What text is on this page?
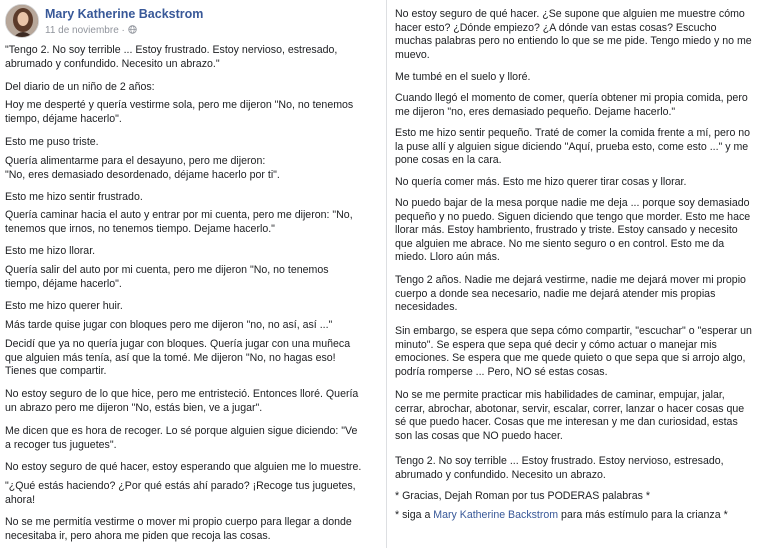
Mary Katherine Backstrom
11 de noviembre ·

"Tengo 2. No soy terrible ... Estoy frustrado. Estoy nervioso, estresado,
abrumado y confundido. Necesito un abrazo."

Del diario de un niño de 2 años:

Hoy me desperté y quería vestirme sola, pero me dijeron "No, no tenemos
tiempo, déjame hacerlo".

Esto me puso triste.

Quería alimentarme para el desayuno, pero me dijeron:
"No, eres demasiado desordenado, déjame hacerlo por ti".

Esto me hizo sentir frustrado.

Quería caminar hacia el auto y entrar por mi cuenta, pero me dijeron: "No,
tenemos que irnos, no tenemos tiempo. Dejame hacerlo."

Esto me hizo llorar.

Quería salir del auto por mi cuenta, pero me dijeron "No, no tenemos
tiempo, déjame hacerlo".

Esto me hizo querer huir.

Más tarde quise jugar con bloques pero me dijeron "no, no así, así ..."

Decidí que ya no quería jugar con bloques. Quería jugar con una muñeca
que alguien más tenía, así que la tomé. Me dijeron "No, no hagas eso!
Tienes que compartir.

No estoy seguro de lo que hice, pero me entristeció. Entonces lloré. Quería
un abrazo pero me dijeron "No, estás bien, ve a jugar".

Me dicen que es hora de recoger. Lo sé porque alguien sigue diciendo: "Ve
a recoger tus juguetes".

No estoy seguro de qué hacer, estoy esperando que alguien me lo muestre.

"¿Qué estás haciendo? ¿Por qué estás ahí parado? ¡Recoge tus juguetes,
ahora!

No se me permitía vestirme o mover mi propio cuerpo para llegar a donde
necesitaba ir, pero ahora me piden que recoja las cosas.

No estoy seguro de qué hacer. ¿Se supone que alguien me muestre cómo
hacer esto? ¿Dónde empiezo? ¿A dónde van estas cosas? Escucho
muchas palabras pero no entiendo lo que se me pide. Tengo miedo y no me
muevo.

Me tumbé en el suelo y lloré.

Cuando llegó el momento de comer, quería obtener mi propia comida, pero
me dijeron "no, eres demasiado pequeño. Dejame hacerlo."

Esto me hizo sentir pequeño. Traté de comer la comida frente a mí, pero no
la puse allí y alguien sigue diciendo "Aquí, prueba esto, come esto ..." y me
pone cosas en la cara.

No quería comer más. Esto me hizo querer tirar cosas y llorar.

No puedo bajar de la mesa porque nadie me deja ... porque soy demasiado
pequeño y no puedo. Siguen diciendo que tengo que morder. Esto me hace
llorar más. Estoy hambriento, frustrado y triste. Estoy cansado y necesito
que alguien me abrace. No me siento seguro o en control. Esto me da
miedo. Lloro aún más.

Tengo 2 años. Nadie me dejará vestirme, nadie me dejará mover mi propio
cuerpo a donde sea necesario, nadie me dejará atender mis propias
necesidades.

Sin embargo, se espera que sepa cómo compartir, "escuchar" o "esperar un
minuto". Se espera que sepa qué decir y cómo actuar o manejar mis
emociones. Se espera que me quede quieto o que sepa que si arrojo algo,
podría romperse ... Pero, NO sé estas cosas.

No se me permite practicar mis habilidades de caminar, empujar, jalar,
cerrar, abrochar, abotonar, servir, escalar, correr, lanzar o hacer cosas que
sé que puedo hacer. Cosas que me interesan y me dan curiosidad, estas
son las cosas que NO puedo hacer.

Tengo 2. No soy terrible ... Estoy frustrado. Estoy nervioso, estresado,
abrumado y confundido. Necesito un abrazo.

* Gracias, Dejah Roman por tus PODERAS palabras *

* siga a Mary Katherine Backstrom para más estímulo para la crianza *
